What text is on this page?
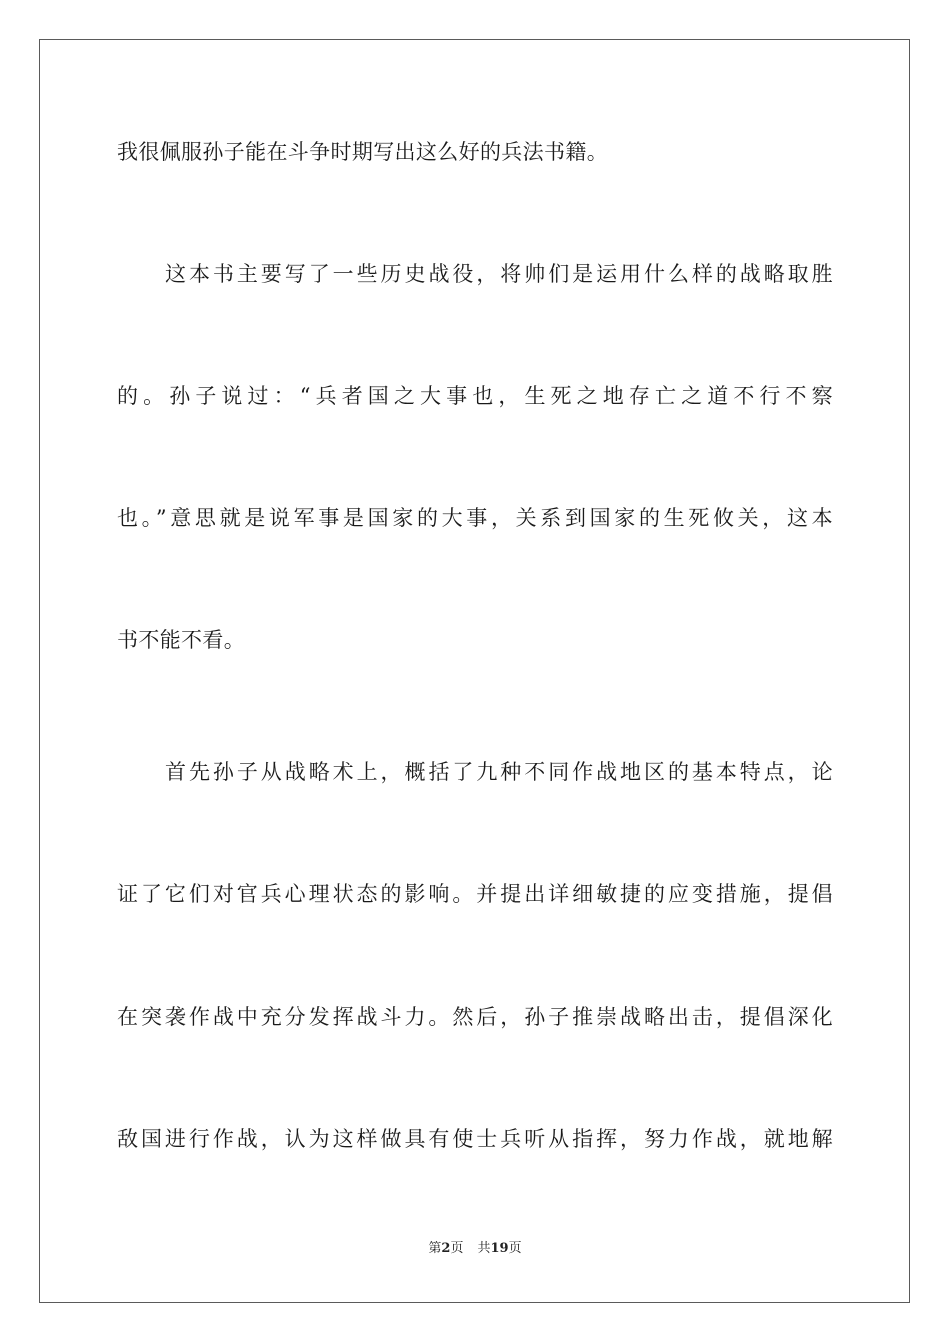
我很佩服孙子能在斗争时期写出这么好的兵法书籍。
这本书主要写了一些历史战役，将帅们是运用什么样的战略取胜
的。孙子说过：“兵者国之大事也，生死之地存亡之道不行不察
也。”意思就是说军事是国家的大事，关系到国家的生死攸关，这本
书不能不看。
首先孙子从战略术上，概括了九种不同作战地区的基本特点，论
证了它们对官兵心理状态的影响。并提出详细敏捷的应变措施，提倡
在突袭作战中充分发挥战斗力。然后，孙子推崇战略出击，提倡深化
敌国进行作战，认为这样做具有使士兵听从指挥，努力作战，就地解
第2页 共19页
